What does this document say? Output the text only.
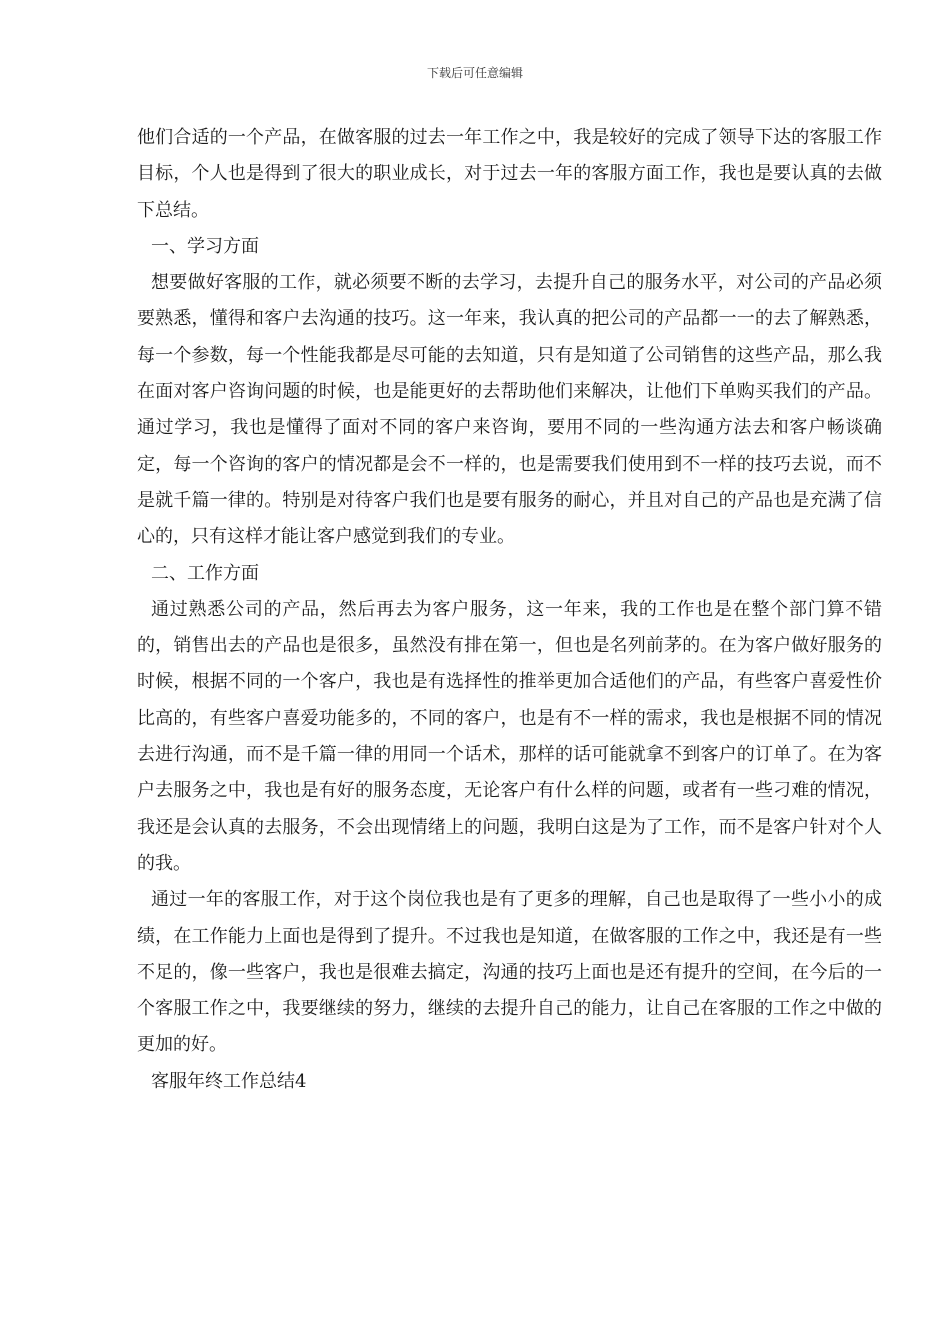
下载后可任意编辑

他们合适的一个产品，在做客服的过去一年工作之中，我是较好的完成了领导下达的客服工作目标，个人也是得到了很大的职业成长，对于过去一年的客服方面工作，我也是要认真的去做下总结。

一、学习方面

想要做好客服的工作，就必须要不断的去学习，去提升自己的服务水平，对公司的产品必须要熟悉，懂得和客户去沟通的技巧。这一年来，我认真的把公司的产品都一一的去了解熟悉，每一个参数，每一个性能我都是尽可能的去知道，只有是知道了公司销售的这些产品，那么我在面对客户咨询问题的时候，也是能更好的去帮助他们来解决，让他们下单购买我们的产品。通过学习，我也是懂得了面对不同的客户来咨询，要用不同的一些沟通方法去和客户畅谈确定，每一个咨询的客户的情况都是会不一样的，也是需要我们使用到不一样的技巧去说，而不是就千篇一律的。特别是对待客户我们也是要有服务的耐心，并且对自己的产品也是充满了信心的，只有这样才能让客户感觉到我们的专业。

二、工作方面

通过熟悉公司的产品，然后再去为客户服务，这一年来，我的工作也是在整个部门算不错的，销售出去的产品也是很多，虽然没有排在第一，但也是名列前茅的。在为客户做好服务的时候，根据不同的一个客户，我也是有选择性的推举更加合适他们的产品，有些客户喜爱性价比高的，有些客户喜爱功能多的，不同的客户，也是有不一样的需求，我也是根据不同的情况去进行沟通，而不是千篇一律的用同一个话术，那样的话可能就拿不到客户的订单了。在为客户去服务之中，我也是有好的服务态度，无论客户有什么样的问题，或者有一些刁难的情况，我还是会认真的去服务，不会出现情绪上的问题，我明白这是为了工作，而不是客户针对个人的我。

通过一年的客服工作，对于这个岗位我也是有了更多的理解，自己也是取得了一些小小的成绩，在工作能力上面也是得到了提升。不过我也是知道，在做客服的工作之中，我还是有一些不足的，像一些客户，我也是很难去搞定，沟通的技巧上面也是还有提升的空间，在今后的一个客服工作之中，我要继续的努力，继续的去提升自己的能力，让自己在客服的工作之中做的更加的好。

客服年终工作总结4
